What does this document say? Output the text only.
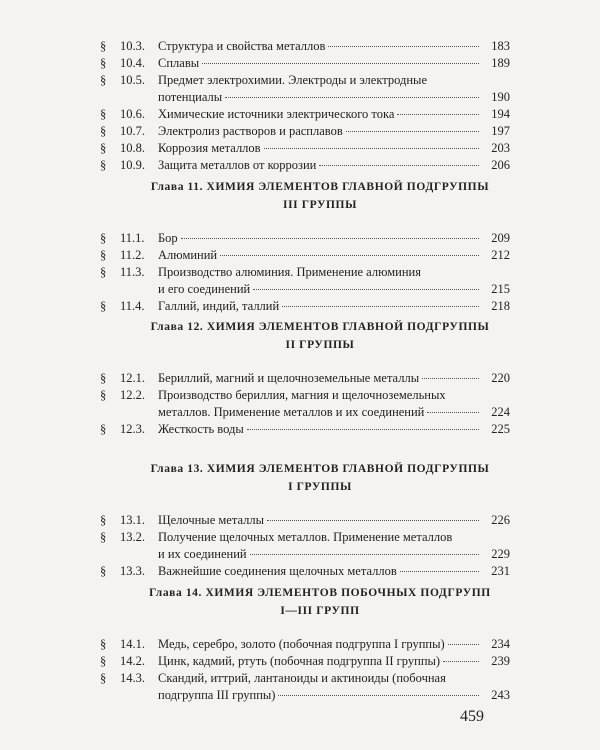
§	10.3.	Структура и свойства металлов	183
§	10.4.	Сплавы	189
§	10.5.	Предмет электрохимии. Электроды и электродные
потенциалы	190
§	10.6.	Химические источники электрического тока	194
§	10.7.	Электролиз растворов и расплавов	197
§	10.8.	Коррозия металлов	203
§	10.9.	Защита металлов от коррозии	206
Глава 11. ХИМИЯ ЭЛЕМЕНТОВ ГЛАВНОЙ ПОДГРУППЫ
III ГРУППЫ
§	11.1.	Бор	209
§	11.2.	Алюминий	212
§	11.3.	Производство алюминия. Применение алюминия
и его соединений	215
§	11.4.	Галлий, индий, таллий	218
Глава 12. ХИМИЯ ЭЛЕМЕНТОВ ГЛАВНОЙ ПОДГРУППЫ
II ГРУППЫ
§	12.1.	Бериллий, магний и щелочноземельные металлы	220
§	12.2.	Производство бериллия, магния и щелочноземельных
металлов. Применение металлов и их соединений	224
§	12.3.	Жесткость воды	225
Глава 13. ХИМИЯ ЭЛЕМЕНТОВ ГЛАВНОЙ ПОДГРУППЫ
I ГРУППЫ
§	13.1.	Щелочные металлы	226
§	13.2.	Получение щелочных металлов. Применение металлов
и их соединений	229
§	13.3.	Важнейшие соединения щелочных металлов	231
Глава 14. ХИМИЯ ЭЛЕМЕНТОВ ПОБОЧНЫХ ПОДГРУПП
I—III ГРУПП
§	14.1.	Медь, серебро, золото (побочная подгруппа I группы)	234
§	14.2.	Цинк, кадмий, ртуть (побочная подгруппа II группы)	239
§	14.3.	Скандий, иттрий, лантаноиды и актиноиды (побочная
подгруппа III группы)	243
459
